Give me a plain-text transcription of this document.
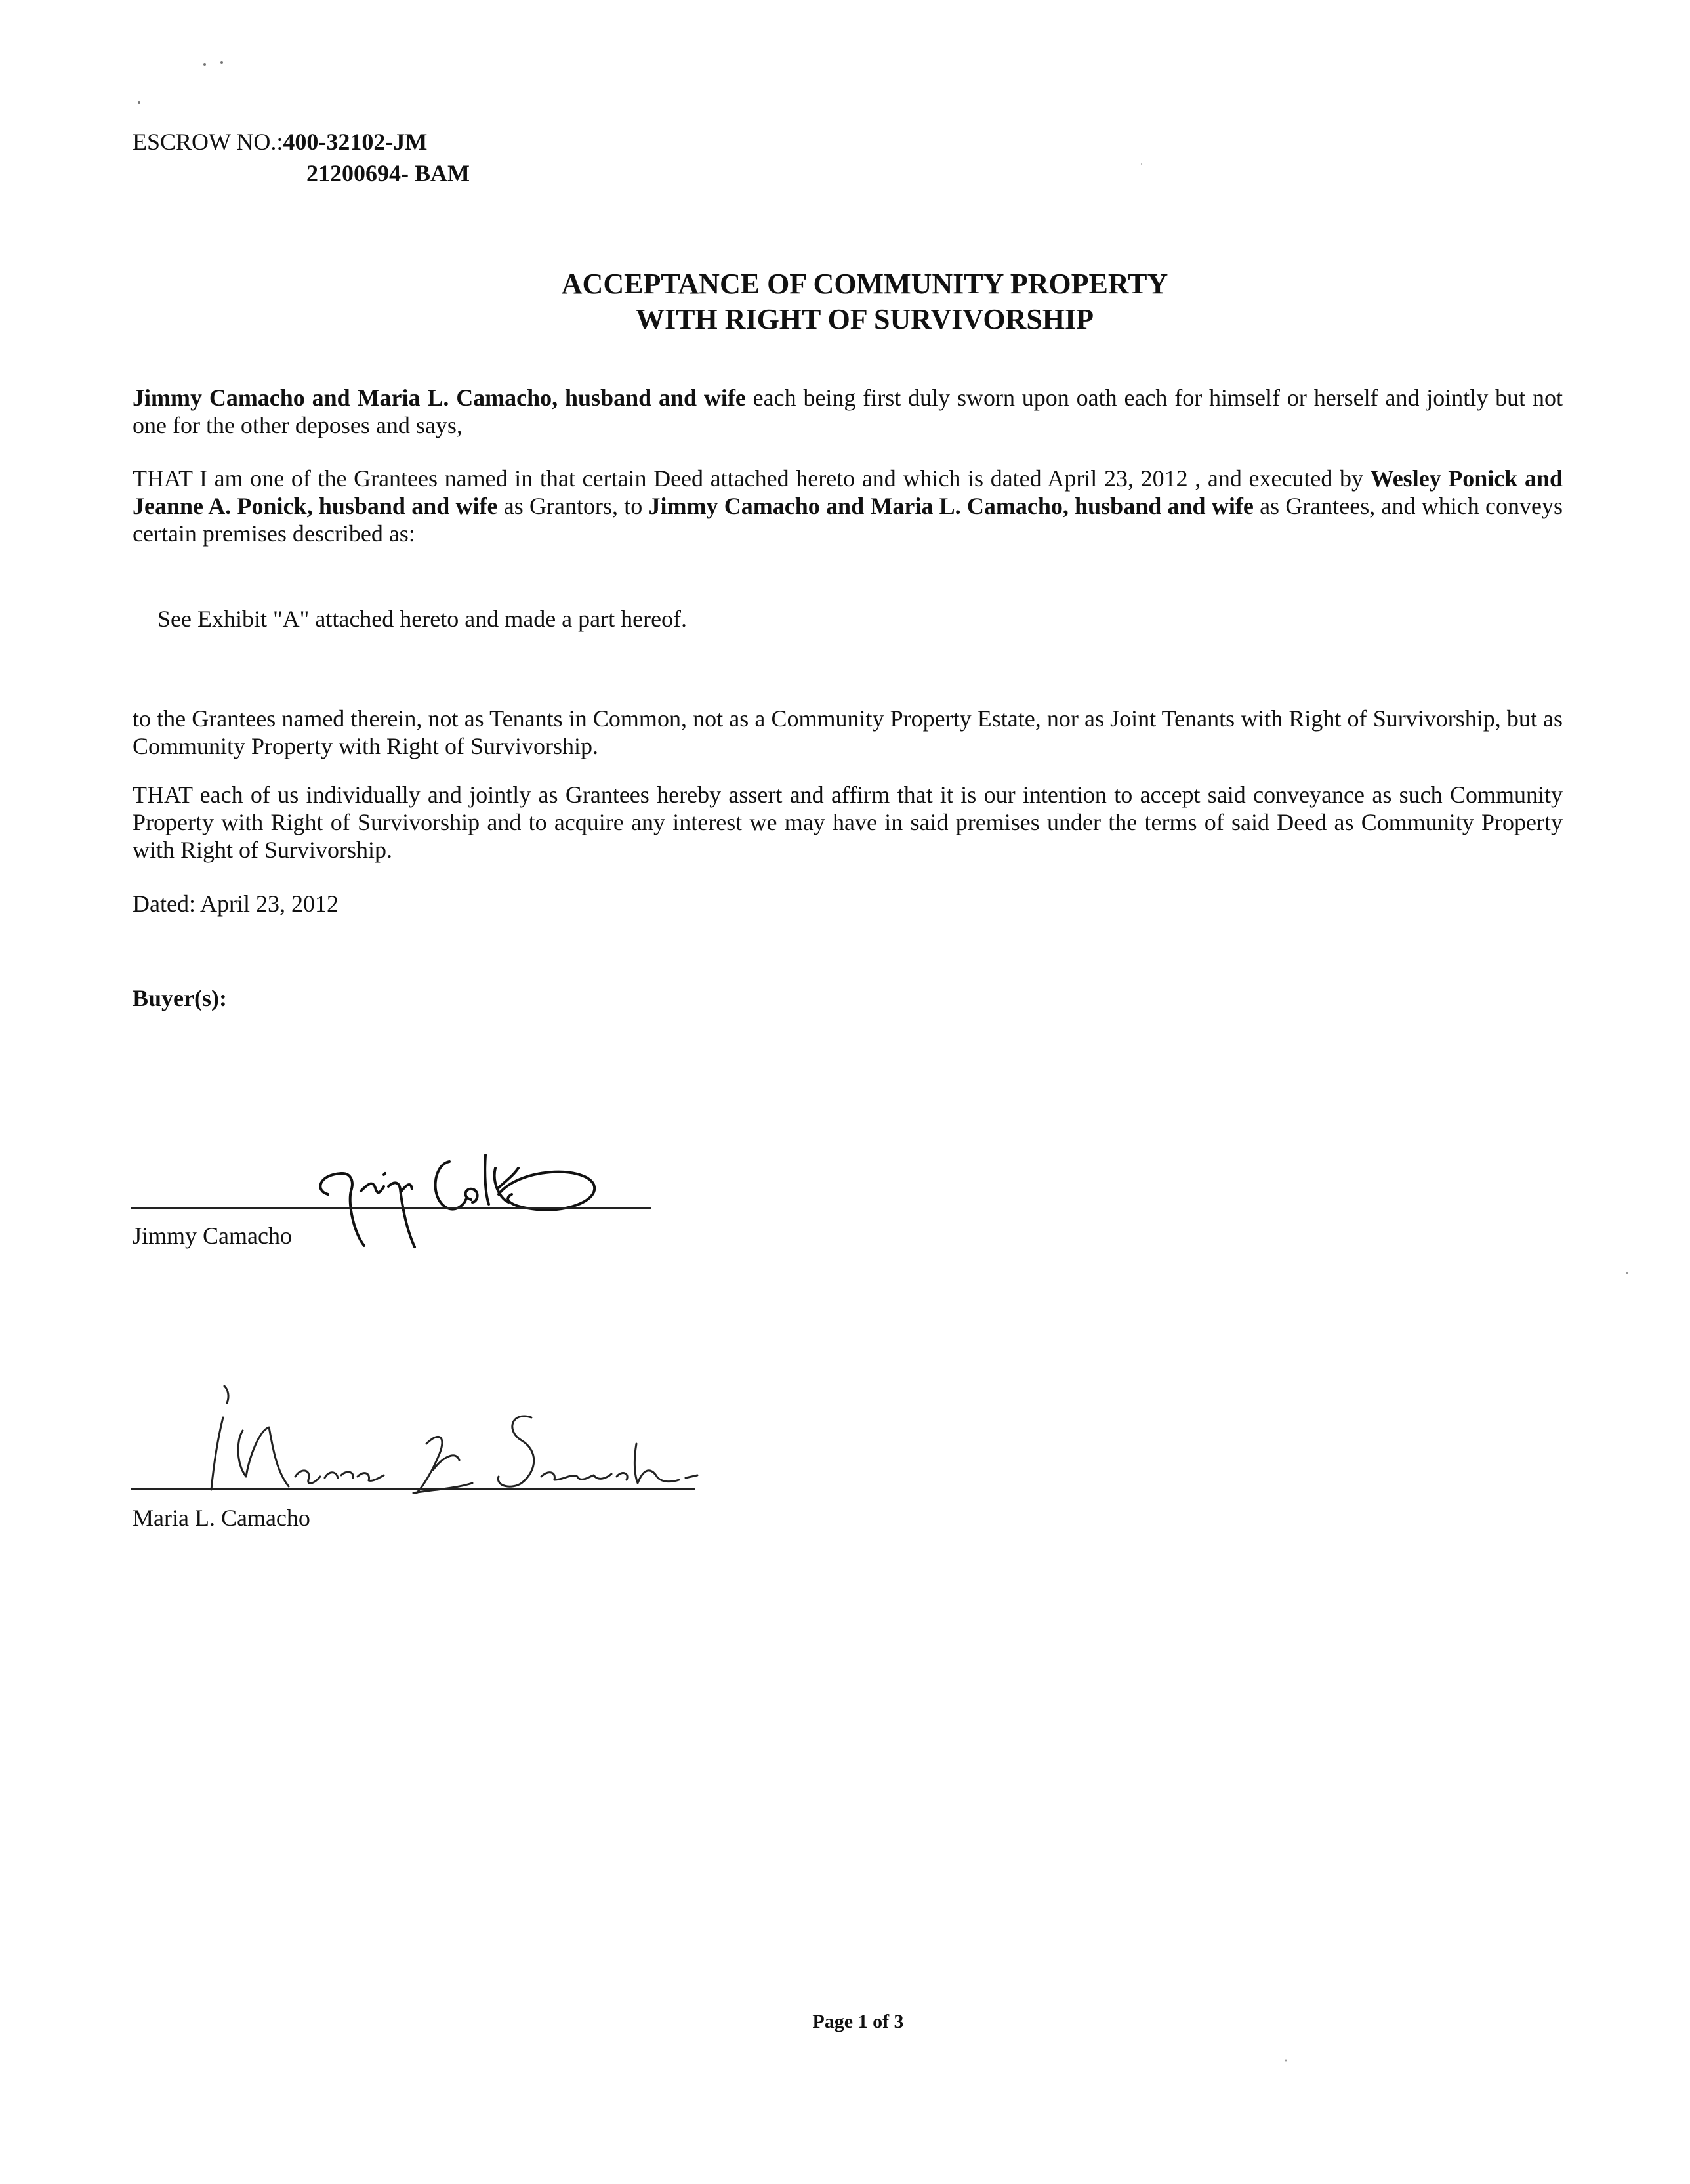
ESCROW NO.:400-32102-JM
21200694- BAM
ACCEPTANCE OF COMMUNITY PROPERTY
WITH RIGHT OF SURVIVORSHIP
Jimmy Camacho and Maria L. Camacho, husband and wife each being first duly sworn upon oath each for himself or herself and jointly but not one for the other deposes and says,
THAT I am one of the Grantees named in that certain Deed attached hereto and which is dated April 23, 2012 , and executed by Wesley Ponick and Jeanne A. Ponick, husband and wife as Grantors, to Jimmy Camacho and Maria L. Camacho, husband and wife as Grantees, and which conveys certain premises described as:
See Exhibit "A" attached hereto and made a part hereof.
to the Grantees named therein, not as Tenants in Common, not as a Community Property Estate, nor as Joint Tenants with Right of Survivorship, but as Community Property with Right of Survivorship.
THAT each of us individually and jointly as Grantees hereby assert and affirm that it is our intention to accept said conveyance as such Community Property with Right of Survivorship and to acquire any interest we may have in said premises under the terms of said Deed as Community Property with Right of Survivorship.
Dated: April 23, 2012
Buyer(s):
Jimmy Camacho
Maria L. Camacho
Page 1 of 3
